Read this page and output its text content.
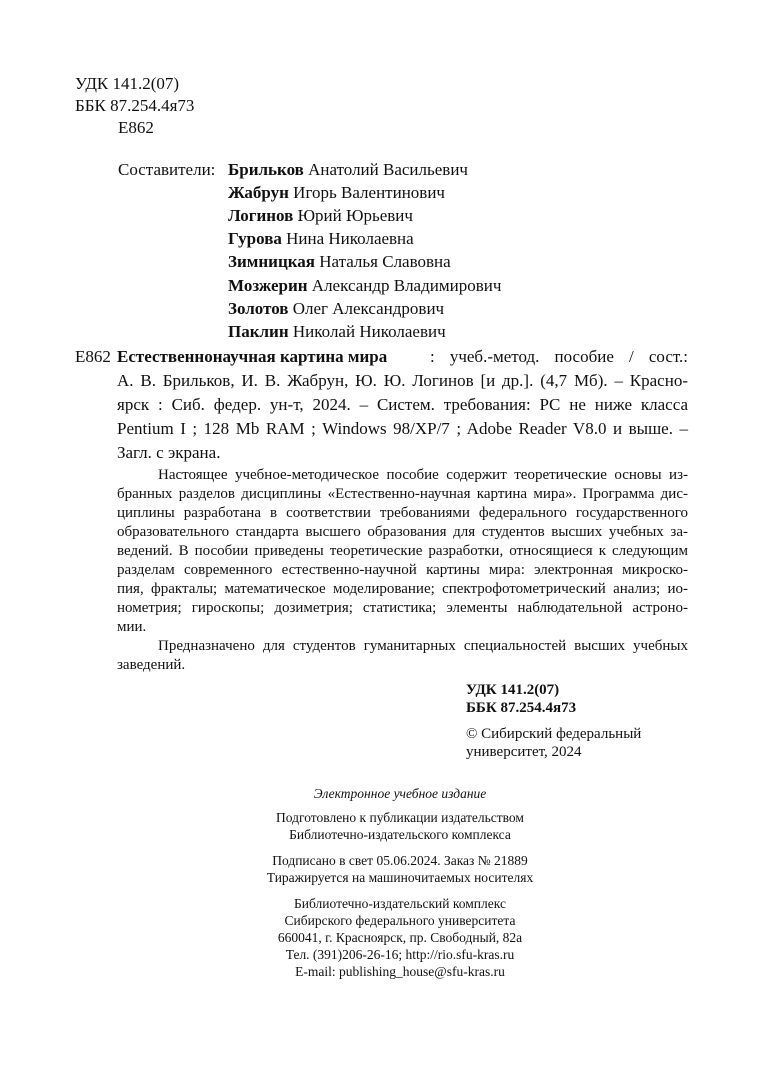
УДК 141.2(07)
ББК 87.254.4я73
Е862
Составители: Брильков Анатолий Васильевич
Жабрун Игорь Валентинович
Логинов Юрий Юрьевич
Гурова Нина Николаевна
Зимницкая Наталья Славовна
Мозжерин Александр Владимирович
Золотов Олег Александрович
Паклин Николай Николаевич
Е862 Естественнонаучная картина мира	: учеб.-метод. пособие / сост.:
А. В. Брильков, И. В. Жабрун, Ю. Ю. Логинов [и др.]. (4,7 Мб). – Красно-
ярск : Сиб. федер. ун-т, 2024. – Систем. требования: PC не ниже класса
Pentium I ; 128 Mb RAM ; Windows 98/XP/7 ; Adobe Reader V8.0 и выше. –
Загл. с экрана.
Настоящее учебное-методическое пособие содержит теоретические основы из-
бранных разделов дисциплины «Естественно-научная картина мира». Программа дис-
циплины разработана в соответствии требованиями федерального государственного
образовательного стандарта высшего образования для студентов высших учебных за-
ведений. В пособии приведены теоретические разработки, относящиеся к следующим
разделам современного естественно-научной картины мира: электронная микроско-
пия, фракталы; математическое моделирование; спектрофотометрический анализ; ио-
нометрия; гироскопы; дозиметрия; статистика; элементы наблюдательной астроно-
мии.
Предназначено для студентов гуманитарных специальностей высших учебных
заведений.
УДК 141.2(07)
ББК 87.254.4я73
© Сибирский федеральный
университет, 2024
Электронное учебное издание
Подготовлено к публикации издательством
Библиотечно-издательского комплекса
Подписано в свет 05.06.2024. Заказ № 21889
Тиражируется на машиночитаемых носителях
Библиотечно-издательский комплекс
Сибирского федерального университета
660041, г. Красноярск, пр. Свободный, 82а
Тел. (391)206-26-16; http://rio.sfu-kras.ru
E-mail: publishing_house@sfu-kras.ru
